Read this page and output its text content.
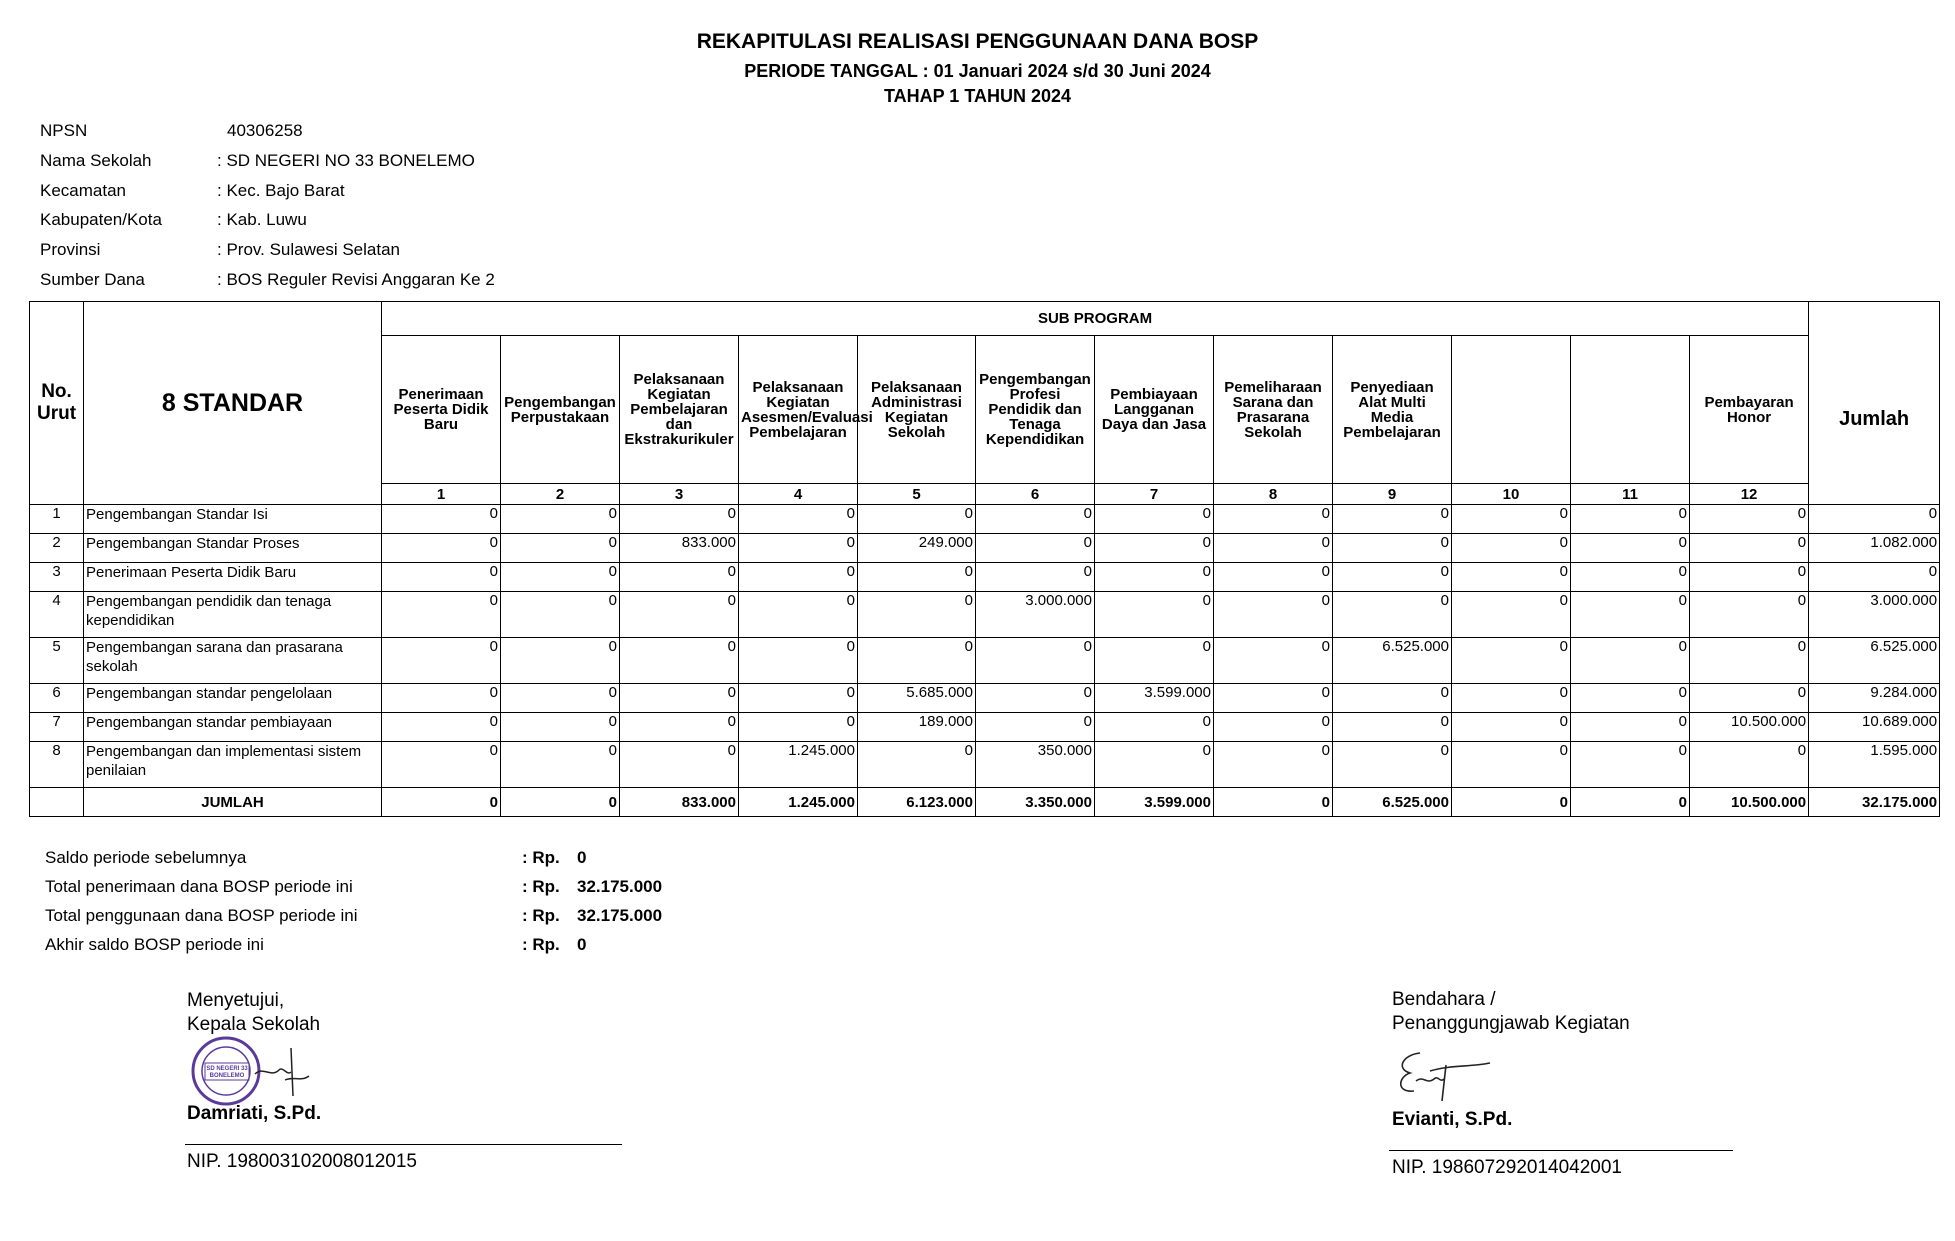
REKAPITULASI REALISASI PENGGUNAAN DANA BOSP
PERIODE TANGGAL : 01 Januari 2024 s/d 30 Juni 2024
TAHAP 1 TAHUN 2024
NPSN	40306258
Nama Sekolah	: SD NEGERI NO 33 BONELEMO
Kecamatan	: Kec. Bajo Barat
Kabupaten/Kota	: Kab. Luwu
Provinsi	: Prov. Sulawesi Selatan
Sumber Dana	: BOS Reguler Revisi Anggaran Ke 2
No. Urut	8 STANDAR	SUB PROGRAM												
		Penerimaan Peserta Didik Baru	Pengembangan Perpustakaan	Pelaksanaan Kegiatan Pembelajaran dan Ekstrakurikuler	Pelaksanaan Kegiatan Asesmen/Evaluasi Pembelajaran	Pelaksanaan Administrasi Kegiatan Sekolah	Pengembangan Profesi Pendidik dan Tenaga Kependidikan	Pembiayaan Langganan Daya dan Jasa	Pemeliharaan Sarana dan Prasarana Sekolah	Penyediaan Alat Multi Media Pembelajaran			Pembayaran Honor	Jumlah
		1	2	3	4	5	6	7	8	9	10	11	12	
1	Pengembangan Standar Isi	0	0	0	0	0	0	0	0	0	0	0	0	0
2	Pengembangan Standar Proses	0	0	833.000	0	249.000	0	0	0	0	0	0	0	1.082.000
3	Penerimaan Peserta Didik Baru	0	0	0	0	0	0	0	0	0	0	0	0	0
4	Pengembangan pendidik dan tenaga kependidikan	0	0	0	0	0	3.000.000	0	0	0	0	0	0	3.000.000
5	Pengembangan sarana dan prasarana sekolah	0	0	0	0	0	0	0	0	6.525.000	0	0	0	6.525.000
6	Pengembangan standar pengelolaan	0	0	0	0	5.685.000	0	3.599.000	0	0	0	0	0	9.284.000
7	Pengembangan standar pembiayaan	0	0	0	0	189.000	0	0	0	0	0	0	10.500.000	10.689.000
8	Pengembangan dan implementasi sistem penilaian	0	0	0	1.245.000	0	350.000	0	0	0	0	0	0	1.595.000
	JUMLAH	0	0	833.000	1.245.000	6.123.000	3.350.000	3.599.000	0	6.525.000	0	0	10.500.000	32.175.000
Saldo periode sebelumnya	: Rp. 0
Total penerimaan dana BOSP periode ini	: Rp. 32.175.000
Total penggunaan dana BOSP periode ini	: Rp. 32.175.000
Akhir saldo BOSP periode ini	: Rp. 0
Menyetujui,
Kepala Sekolah
SD NEGERI 33
BONELEMO
Damriati, S.Pd.
NIP. 198003102008012015
Bendahara /
Penanggungjawab Kegiatan
Evianti, S.Pd.
NIP. 198607292014042001
